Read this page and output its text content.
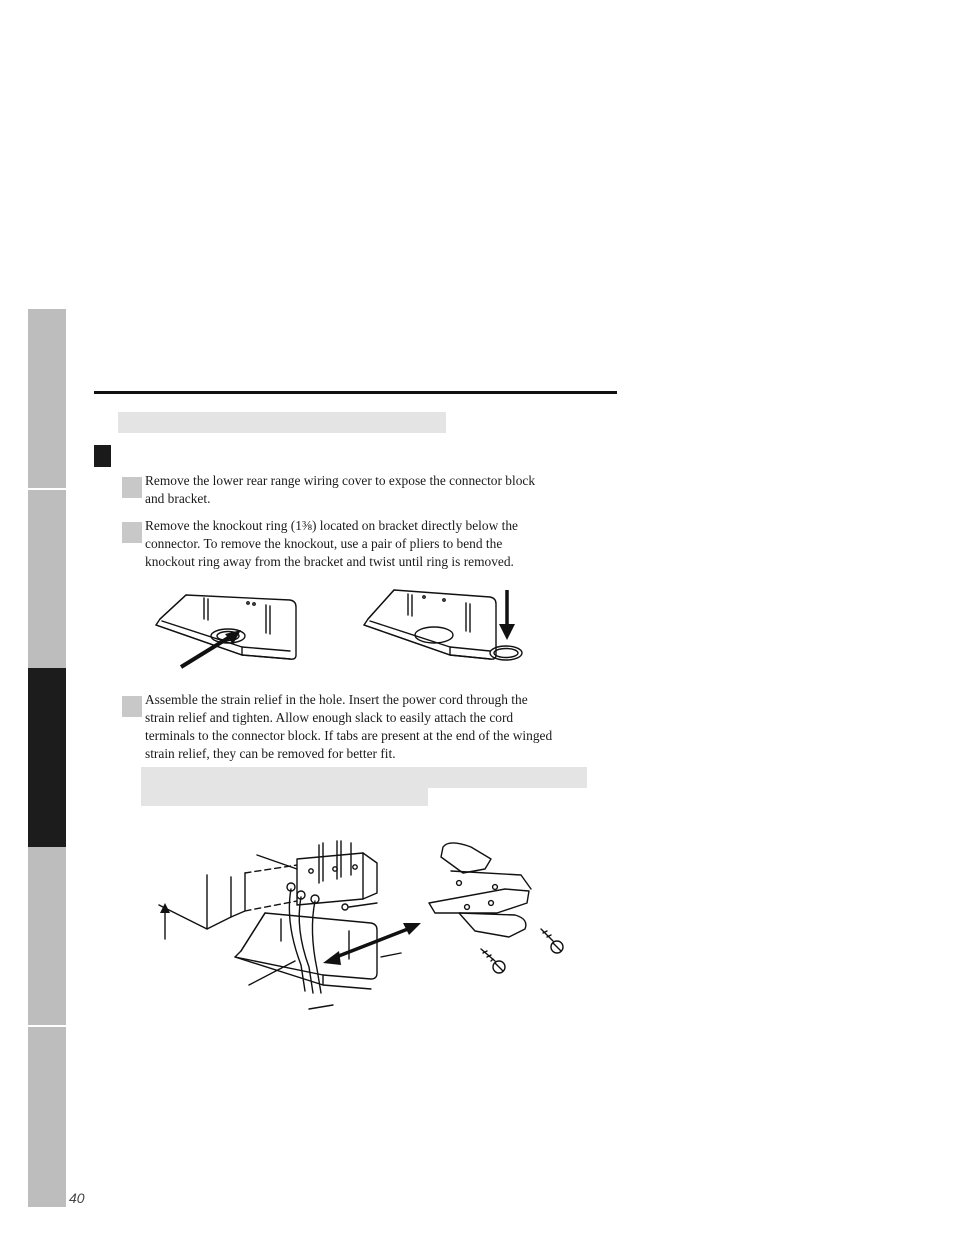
Remove the lower rear range wiring cover to expose the connector block
and bracket.

Remove the knockout ring (1⅜) located on bracket directly below the
connector. To remove the knockout, use a pair of pliers to bend the
knockout ring away from the bracket and twist until ring is removed.

Assemble the strain relief in the hole. Insert the power cord through the
strain relief and tighten. Allow enough slack to easily attach the cord
terminals to the connector block. If tabs are present at the end of the winged
strain relief, they can be removed for better fit.

40
